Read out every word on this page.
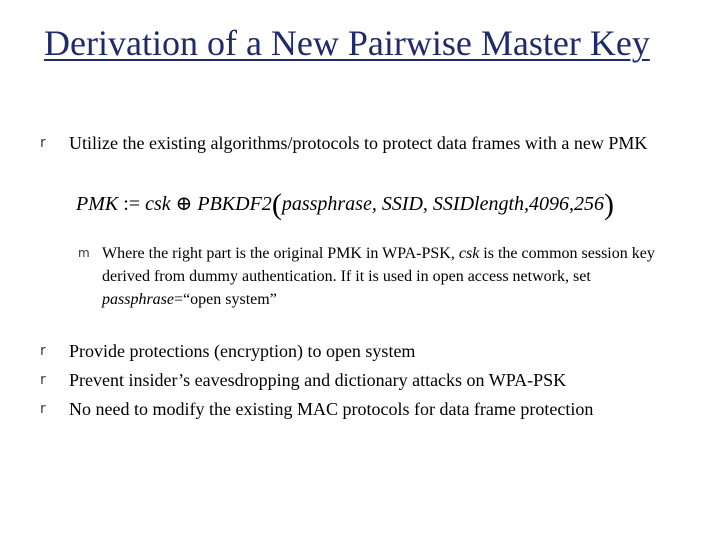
Derivation of a New Pairwise Master Key
r Utilize the existing algorithms/protocols to protect data frames with a new PMK
PMK := csk ⊕ PBKDF2(passphrase, SSID, SSIDlength,4096,256)
m Where the right part is the original PMK in WPA-PSK, csk is the common session key derived from dummy authentication. If it is used in open access network, set passphrase=“open system”
r Provide protections (encryption) to open system
r Prevent insider’s eavesdropping and dictionary attacks on WPA-PSK
r No need to modify the existing MAC protocols for data frame protection
